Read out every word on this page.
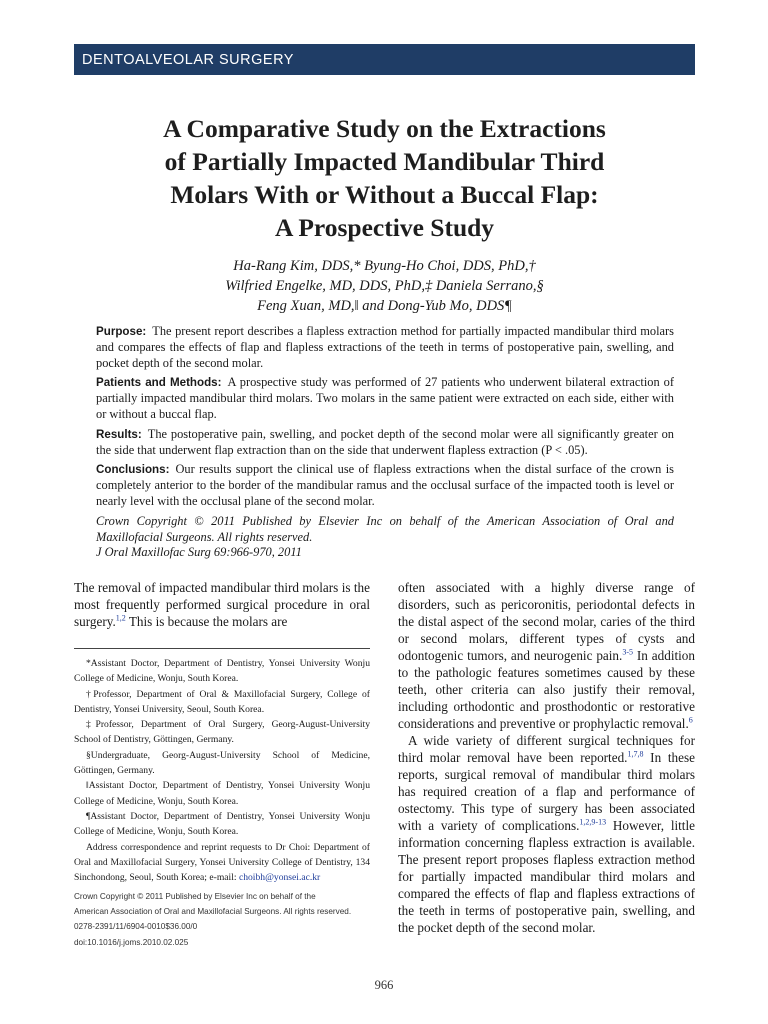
DENTOALVEOLAR SURGERY
A Comparative Study on the Extractions
of Partially Impacted Mandibular Third
Molars With or Without a Buccal Flap:
A Prospective Study
Ha-Rang Kim, DDS,* Byung-Ho Choi, DDS, PhD,†
Wilfried Engelke, MD, DDS, PhD,‡ Daniela Serrano,§
Feng Xuan, MD,‖ and Dong-Yub Mo, DDS¶

Purpose: The present report describes a flapless extraction method for partially impacted mandibular third molars and compares the effects of flap and flapless extractions of the teeth in terms of postoperative pain, swelling, and pocket depth of the second molar.

Patients and Methods: A prospective study was performed of 27 patients who underwent bilateral extraction of partially impacted mandibular third molars. Two molars in the same patient were extracted on each side, either with or without a buccal flap.

Results: The postoperative pain, swelling, and pocket depth of the second molar were all significantly greater on the side that underwent flap extraction than on the side that underwent flapless extraction (P < .05).

Conclusions: Our results support the clinical use of flapless extractions when the distal surface of the crown is completely anterior to the border of the mandibular ramus and the occlusal surface of the impacted tooth is level or nearly level with the occlusal plane of the second molar.

Crown Copyright © 2011 Published by Elsevier Inc on behalf of the American Association of Oral and Maxillofacial Surgeons. All rights reserved.

J Oral Maxillofac Surg 69:966-970, 2011

The removal of impacted mandibular third molars is the most frequently performed surgical procedure in oral surgery.$^{1,2}$ This is because the molars are

*Assistant Doctor, Department of Dentistry, Yonsei University Wonju College of Medicine, Wonju, South Korea.

†Professor, Department of Oral & Maxillofacial Surgery, College of Dentistry, Yonsei University, Seoul, South Korea.

‡Professor, Department of Oral Surgery, Georg-August-University School of Dentistry, Göttingen, Germany.

§Undergraduate, Georg-August-University School of Medicine, Göttingen, Germany.

‖Assistant Doctor, Department of Dentistry, Yonsei University Wonju College of Medicine, Wonju, South Korea.

¶Assistant Doctor, Department of Dentistry, Yonsei University Wonju College of Medicine, Wonju, South Korea.

Address correspondence and reprint requests to Dr Choi: Department of Oral and Maxillofacial Surgery, Yonsei University College of Dentistry, 134 Sinchondong, Seoul, South Korea; e-mail: choibh@yonsei.ac.kr

Crown Copyright © 2011 Published by Elsevier Inc on behalf of the
American Association of Oral and Maxillofacial Surgeons. All rights reserved.
0278-2391/11/6904-0010$36.00/0
doi:10.1016/j.joms.2010.02.025

often associated with a highly diverse range of disorders, such as pericoronitis, periodontal defects in the distal aspect of the second molar, caries of the third or second molars, different types of cysts and odontogenic tumors, and neurogenic pain.$^{3-5}$ In addition to the pathologic features sometimes caused by these teeth, other criteria can also justify their removal, including orthodontic and prosthodontic or restorative considerations and preventive or prophylactic removal.$^6$

A wide variety of different surgical techniques for third molar removal have been reported.$^{1,7,8}$ In these reports, surgical removal of mandibular third molars has required creation of a flap and performance of ostectomy. This type of surgery has been associated with a variety of complications.$^{1,2,9-13}$ However, little information concerning flapless extraction is available. The present report proposes flapless extraction method for partially impacted mandibular third molars and compared the effects of flap and flapless extractions of the teeth in terms of postoperative pain, swelling, and the pocket depth of the second molar.

966
